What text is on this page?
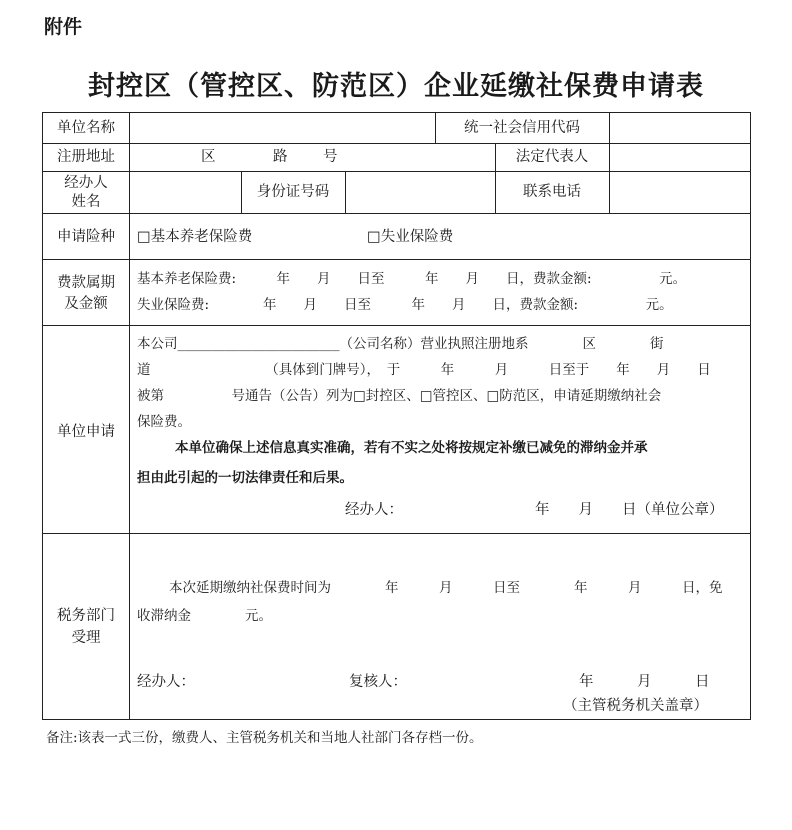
附件
封控区（管控区、防范区）企业延缴社保费申请表
单位名称	统一社会信用代码
注册地址	区	路 号	法定代表人
经办人
姓名
身份证号码	联系电话
申请险种	□基本养老保险费	□失业保险费
费款属期
及金额
基本养老保险费:　　　年　　月　　日至　　　年　　月　　日，费款金额:　　　　　元。
失业保险费:　　　　年　　月　　日至　　　年　　月　　日，费款金额:　　　　　元。
单位申请
本公司________________________（公司名称）营业执照注册地系　　　　区　　　　街
道　　　　　　　　　（具体到门牌号），　于　　　年　　　月　　　日至于　　年　　月　　日
被第　　　　　号通告（公告）列为□封控区、□管控区、□防范区，申请延期缴纳社会
保险费。
本单位确保上述信息真实准确，若有不实之处将按规定补缴已减免的滞纳金并承
担由此引起的一切法律责任和后果。
经办人：	年　　月　　日（单位公章）
税务部门
受理
本次延期缴纳社保费时间为　　　　年　　　月　　　日至　　　　年　　　月　　　日，免
收滞纳金　　　　元。
经办人：	复核人：	年　　　月　　　日
（主管税务机关盖章）
备注:该表一式三份，缴费人、主管税务机关和当地人社部门各存档一份。
